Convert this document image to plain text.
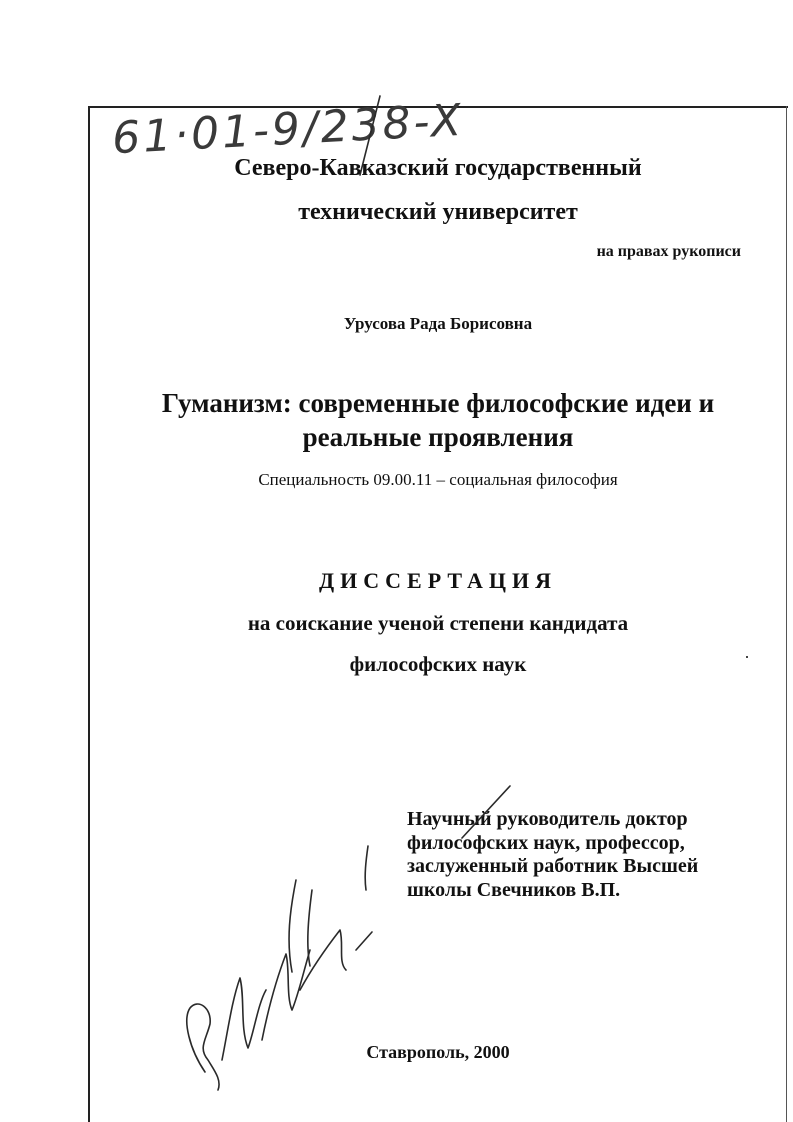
61·01-9/238-X
Северо-Кавказский государственный
технический университет
на правах рукописи
Урусова Рада Борисовна
Гуманизм: современные философские идеи и
реальные проявления
Специальность 09.00.11 – социальная философия
ДИССЕРТАЦИЯ
на соискание ученой степени кандидата
философских наук
Научный руководитель доктор
философских наук, профессор,
заслуженный работник Высшей
школы Свечников В.П.
Ставрополь, 2000
